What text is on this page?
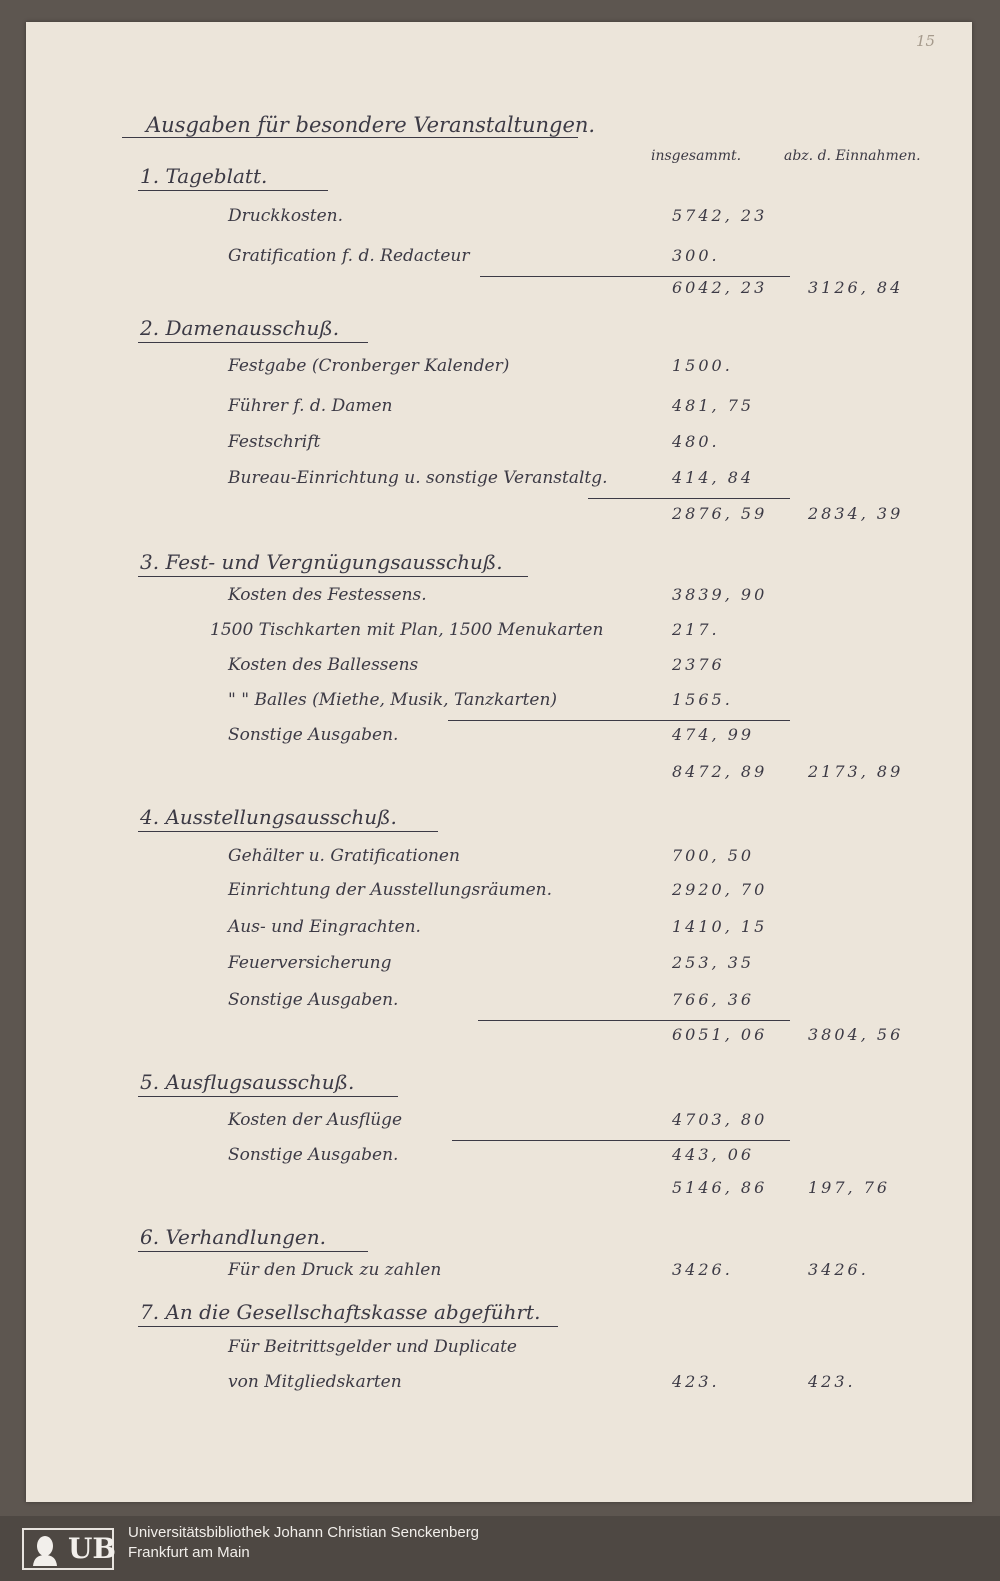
15
Ausgaben für besondere Veranstaltungen.
insgesammt.	abz. d. Einnahmen.
1. Tageblatt.
Druckkosten.	5742, 23
Gratification f. d. Redacteur	300.
6042, 23	3126, 84
2. Damenausschuß.
Festgabe (Cronberger Kalender)	1500.
Führer f. d. Damen	481, 75
Festschrift	480.
Bureau-Einrichtung u. sonstige Veranstaltg.	414, 84
2876, 59	2834, 39
3. Fest- und Vergnügungsausschuß.
Kosten des Festessens.	3839, 90
1500 Tischkarten mit Plan, 1500 Menukarten	217.
Kosten des Ballessens	2376
" " Balles (Miethe, Musik, Tanzkarten)	1565.
Sonstige Ausgaben.	474, 99
8472, 89	2173, 89
4. Ausstellungsausschuß.
Gehälter u. Gratificationen	700, 50
Einrichtung der Ausstellungsräumen.	2920, 70
Aus- und Eingrachten.	1410, 15
Feuerversicherung	253, 35
Sonstige Ausgaben.	766, 36
6051, 06	3804, 56
5. Ausflugsausschuß.
Kosten der Ausflüge	4703, 80
Sonstige Ausgaben.	443, 06
5146, 86	197, 76
6. Verhandlungen.
Für den Druck zu zahlen	3426.	3426.
7. An die Gesellschaftskasse abgeführt.
Für Beitrittsgelder und Duplicate
von Mitgliedskarten	423.	423.
UB Universitätsbibliothek Johann Christian Senckenberg
Frankfurt am Main
